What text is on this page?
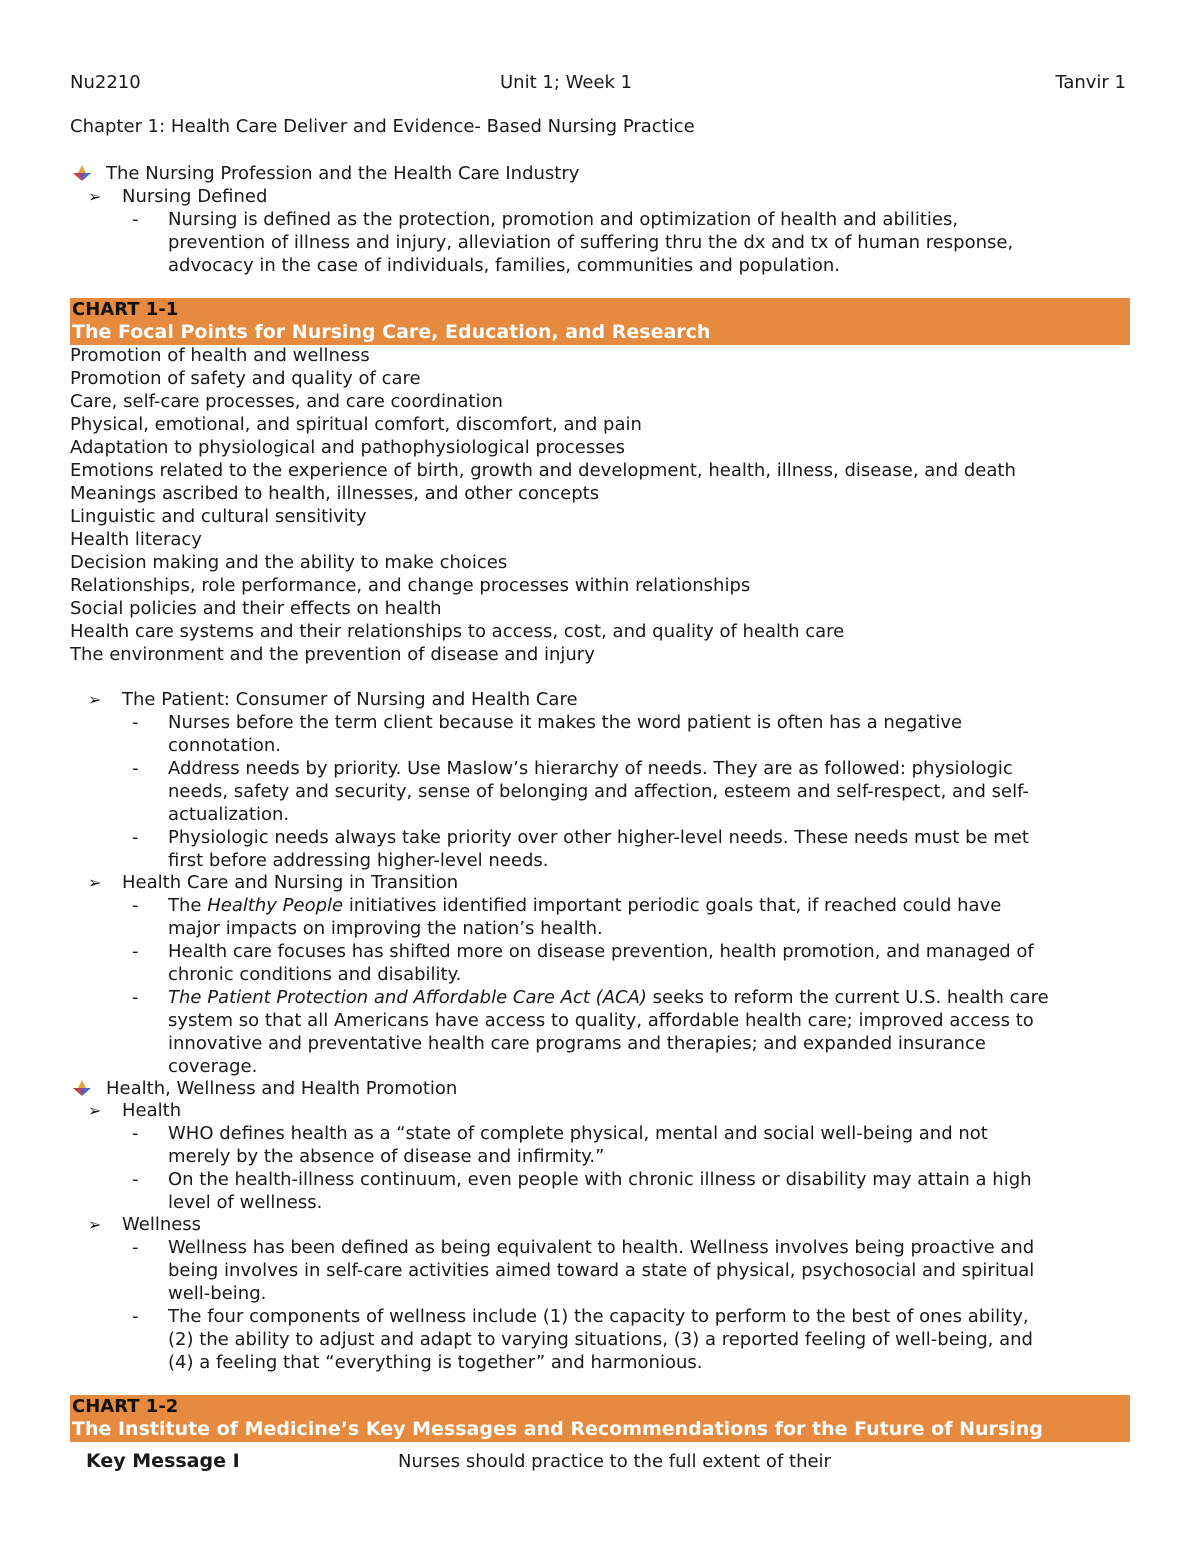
Nu2210	Unit 1; Week 1	Tanvir 1
Chapter 1: Health Care Deliver and Evidence- Based Nursing Practice
The Nursing Profession and the Health Care Industry
➢ Nursing Defined
- Nursing is defined as the protection, promotion and optimization of health and abilities,
prevention of illness and injury, alleviation of suffering thru the dx and tx of human response,
advocacy in the case of individuals, families, communities and population.
CHART 1-1
The Focal Points for Nursing Care, Education, and Research
Promotion of health and wellness
Promotion of safety and quality of care
Care, self-care processes, and care coordination
Physical, emotional, and spiritual comfort, discomfort, and pain
Adaptation to physiological and pathophysiological processes
Emotions related to the experience of birth, growth and development, health, illness, disease, and death
Meanings ascribed to health, illnesses, and other concepts
Linguistic and cultural sensitivity
Health literacy
Decision making and the ability to make choices
Relationships, role performance, and change processes within relationships
Social policies and their effects on health
Health care systems and their relationships to access, cost, and quality of health care
The environment and the prevention of disease and injury
➢ The Patient: Consumer of Nursing and Health Care
- Nurses before the term client because it makes the word patient is often has a negative
connotation.
- Address needs by priority. Use Maslow’s hierarchy of needs. They are as followed: physiologic
needs, safety and security, sense of belonging and affection, esteem and self-respect, and self-
actualization.
- Physiologic needs always take priority over other higher-level needs. These needs must be met
first before addressing higher-level needs.
➢ Health Care and Nursing in Transition
- The Healthy People initiatives identified important periodic goals that, if reached could have
major impacts on improving the nation’s health.
- Health care focuses has shifted more on disease prevention, health promotion, and managed of
chronic conditions and disability.
- The Patient Protection and Affordable Care Act (ACA) seeks to reform the current U.S. health care
system so that all Americans have access to quality, affordable health care; improved access to
innovative and preventative health care programs and therapies; and expanded insurance
coverage.
Health, Wellness and Health Promotion
➢ Health
- WHO defines health as a “state of complete physical, mental and social well-being and not
merely by the absence of disease and infirmity.”
- On the health-illness continuum, even people with chronic illness or disability may attain a high
level of wellness.
➢ Wellness
- Wellness has been defined as being equivalent to health. Wellness involves being proactive and
being involves in self-care activities aimed toward a state of physical, psychosocial and spiritual
well-being.
- The four components of wellness include (1) the capacity to perform to the best of ones ability,
(2) the ability to adjust and adapt to varying situations, (3) a reported feeling of well-being, and
(4) a feeling that “everything is together” and harmonious.
CHART 1-2
The Institute of Medicine’s Key Messages and Recommendations for the Future of Nursing
Key Message I	Nurses should practice to the full extent of their
